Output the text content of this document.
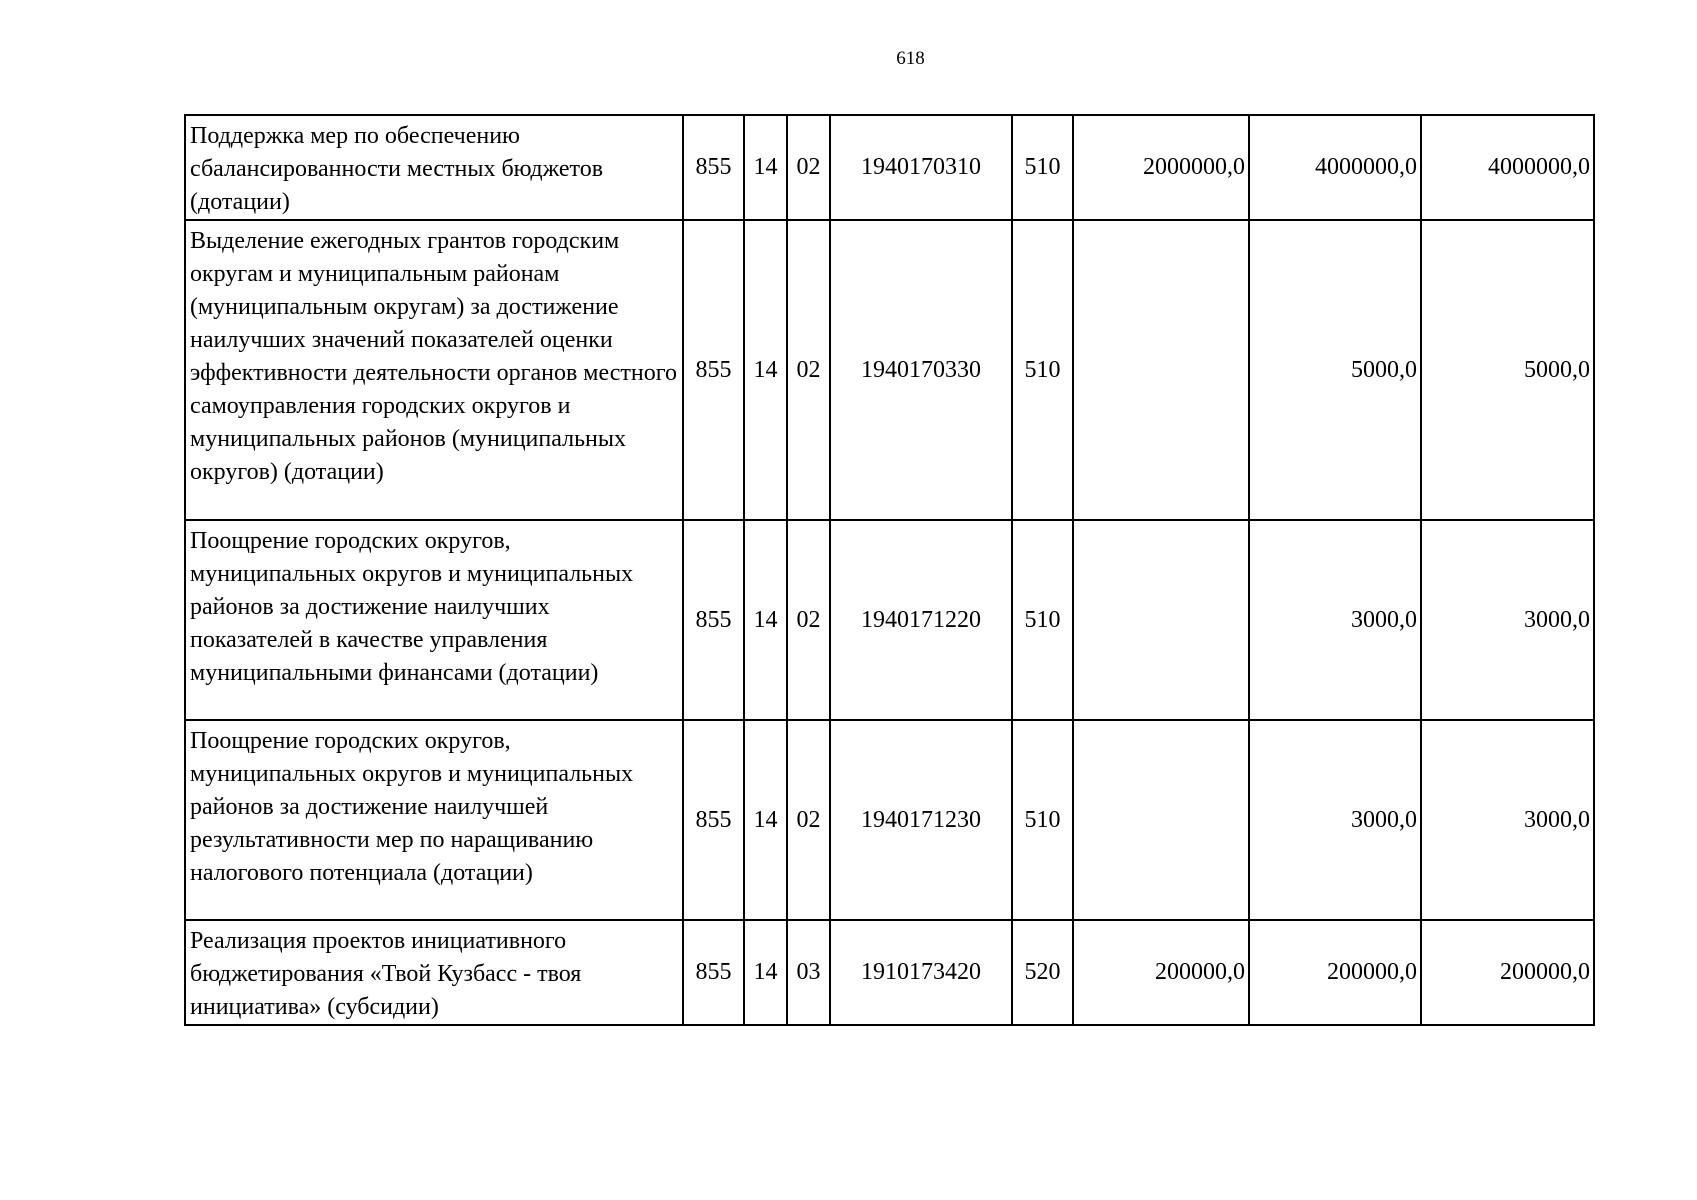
618
Поддержка мер по обеспечению сбалансированности местных бюджетов (дотации)	855	14	02	1940170310	510	2000000,0	4000000,0	4000000,0
Выделение ежегодных грантов городским округам и муниципальным районам (муниципальным округам) за достижение наилучших значений показателей оценки эффективности деятельности органов местного самоуправления городских округов и муниципальных районов (муниципальных округов) (дотации)	855	14	02	1940170330	510		5000,0	5000,0
Поощрение городских округов, муниципальных округов и муниципальных районов за достижение наилучших показателей в качестве управления муниципальными финансами (дотации)	855	14	02	1940171220	510		3000,0	3000,0
Поощрение городских округов, муниципальных округов и муниципальных районов за достижение наилучшей результативности мер по наращиванию налогового потенциала (дотации)	855	14	02	1940171230	510		3000,0	3000,0
Реализация проектов инициативного бюджетирования «Твой Кузбасс - твоя инициатива» (субсидии)	855	14	03	1910173420	520	200000,0	200000,0	200000,0
